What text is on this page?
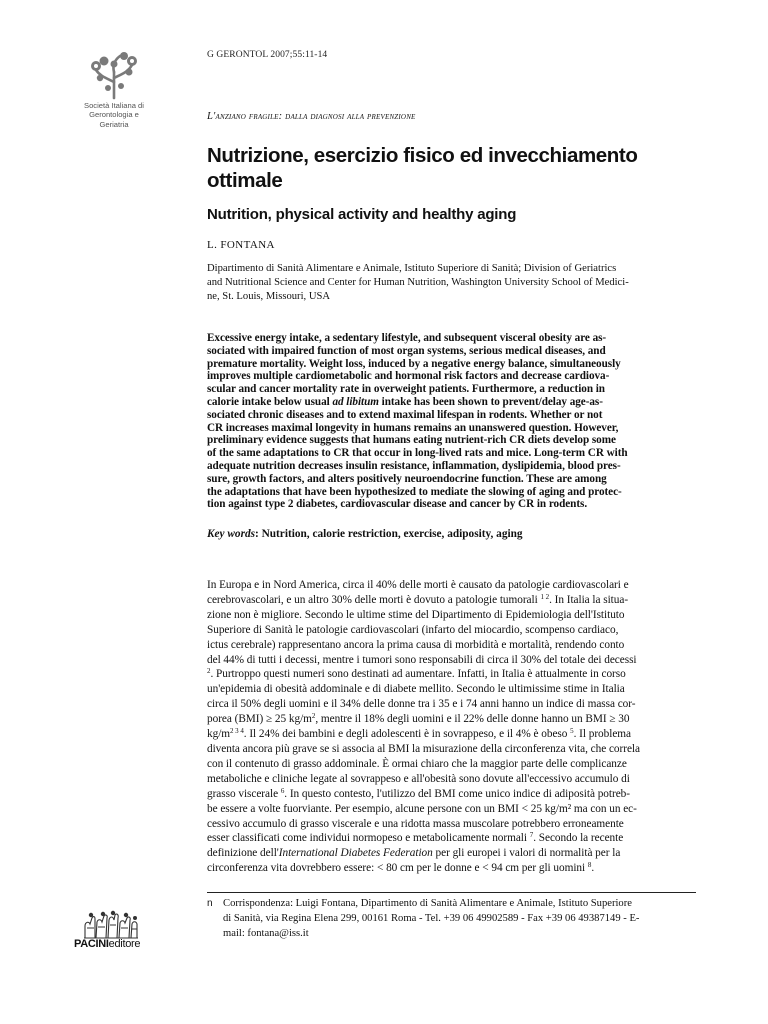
Società Italiana di
Gerontologia e
Geriatria
G GERONTOL 2007;55:11-14
L'anziano fragile: dalla diagnosi alla prevenzione
Nutrizione, esercizio fisico ed invecchiamento ottimale
Nutrition, physical activity and healthy aging
L. FONTANA
Dipartimento di Sanità Alimentare e Animale, Istituto Superiore di Sanità; Division of Geriatrics
and Nutritional Science and Center for Human Nutrition, Washington University School of Medici-
ne, St. Louis, Missouri, USA
Excessive energy intake, a sedentary lifestyle, and subsequent visceral obesity are as-
sociated with impaired function of most organ systems, serious medical diseases, and
premature mortality. Weight loss, induced by a negative energy balance, simultaneously
improves multiple cardiometabolic and hormonal risk factors and decrease cardiova-
scular and cancer mortality rate in overweight patients. Furthermore, a reduction in
calorie intake below usual ad libitum intake has been shown to prevent/delay age-as-
sociated chronic diseases and to extend maximal lifespan in rodents. Whether or not
CR increases maximal longevity in humans remains an unanswered question. However,
preliminary evidence suggests that humans eating nutrient-rich CR diets develop some
of the same adaptations to CR that occur in long-lived rats and mice. Long-term CR with
adequate nutrition decreases insulin resistance, inflammation, dyslipidemia, blood pres-
sure, growth factors, and alters positively neuroendocrine function. These are among
the adaptations that have been hypothesized to mediate the slowing of aging and protec-
tion against type 2 diabetes, cardiovascular disease and cancer by CR in rodents.
Key words: Nutrition, calorie restriction, exercise, adiposity, aging
In Europa e in Nord America, circa il 40% delle morti è causato da patologie cardiovascolari e
cerebrovascolari, e un altro 30% delle morti è dovuto a patologie tumorali $^{1 2}$. In Italia la situa-
zione non è migliore. Secondo le ultime stime del Dipartimento di Epidemiologia dell'Istituto
Superiore di Sanità le patologie cardiovascolari (infarto del miocardio, scompenso cardiaco,
ictus cerebrale) rappresentano ancora la prima causa di morbidità e mortalità, rendendo conto
del 44% di tutti i decessi, mentre i tumori sono responsabili di circa il 30% del totale dei decessi
$^2$. Purtroppo questi numeri sono destinati ad aumentare. Infatti, in Italia è attualmente in corso
un'epidemia di obesità addominale e di diabete mellito. Secondo le ultimissime stime in Italia
circa il 50% degli uomini e il 34% delle donne tra i 35 e i 74 anni hanno un indice di massa cor-
porea (BMI) ≥ 25 $kg/m^2$, mentre il 18% degli uomini e il 22% delle donne hanno un BMI ≥ 30
$kg/m^{2 3 4}$. Il 24% dei bambini e degli adolescenti è in sovrappeso, e il 4% è obeso $^5$. Il problema
diventa ancora più grave se si associa al BMI la misurazione della circonferenza vita, che correla
con il contenuto di grasso addominale. È ormai chiaro che la maggior parte delle complicanze
metaboliche e cliniche legate al sovrappeso e all'obesità sono dovute all'eccessivo accumulo di
grasso viscerale $^6$. In questo contesto, l'utilizzo del BMI come unico indice di adiposità potreb-
be essere a volte fuorviante. Per esempio, alcune persone con un BMI < 25 kg/m² ma con un ec-
cessivo accumulo di grasso viscerale e una ridotta massa muscolare potrebbero erroneamente
esser classificati come individui normopeso e metabolicamente normali $^7$. Secondo la recente
definizione dell'International Diabetes Federation per gli europei i valori di normalità per la
circonferenza vita dovrebbero essere: < 80 cm per le donne e < 94 cm per gli uomini $^8$.
n Corrispondenza: Luigi Fontana, Dipartimento di Sanità Alimentare e Animale, Istituto Superiore
di Sanità, via Regina Elena 299, 00161 Roma - Tel. +39 06 49902589 - Fax +39 06 49387149 - E-
mail: fontana@iss.it
PACINIeditore
